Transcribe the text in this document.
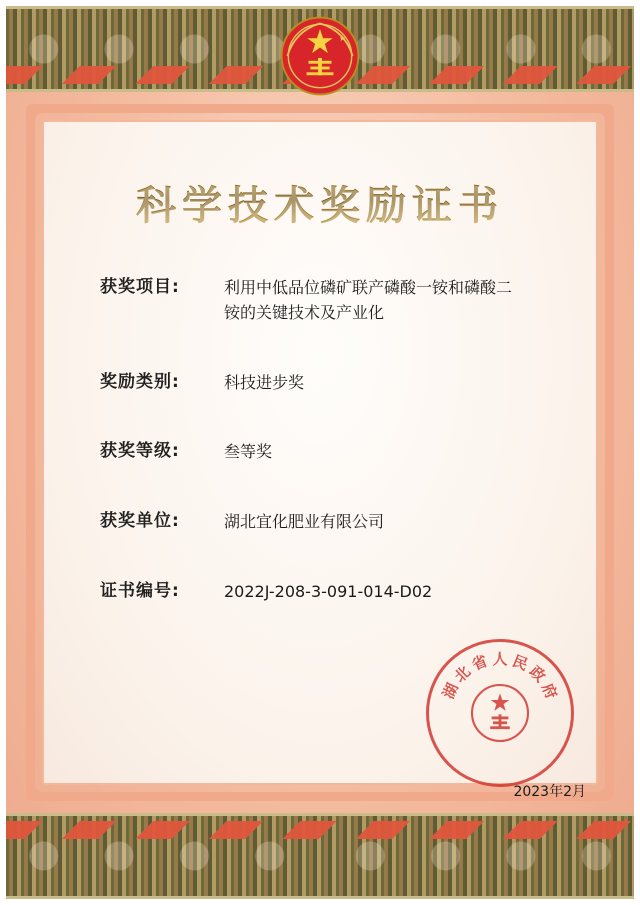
科学技术奖励证书
获奖项目:	利用中低品位磷矿联产磷酸一铵和磷酸二铵的关键技术及产业化
奖励类别:	科技进步奖
获奖等级:	叁等奖
获奖单位:	湖北宜化肥业有限公司
证书编号:	2022J-208-3-091-014-D02
湖
北
省 人 民
政
府
2023年2月
